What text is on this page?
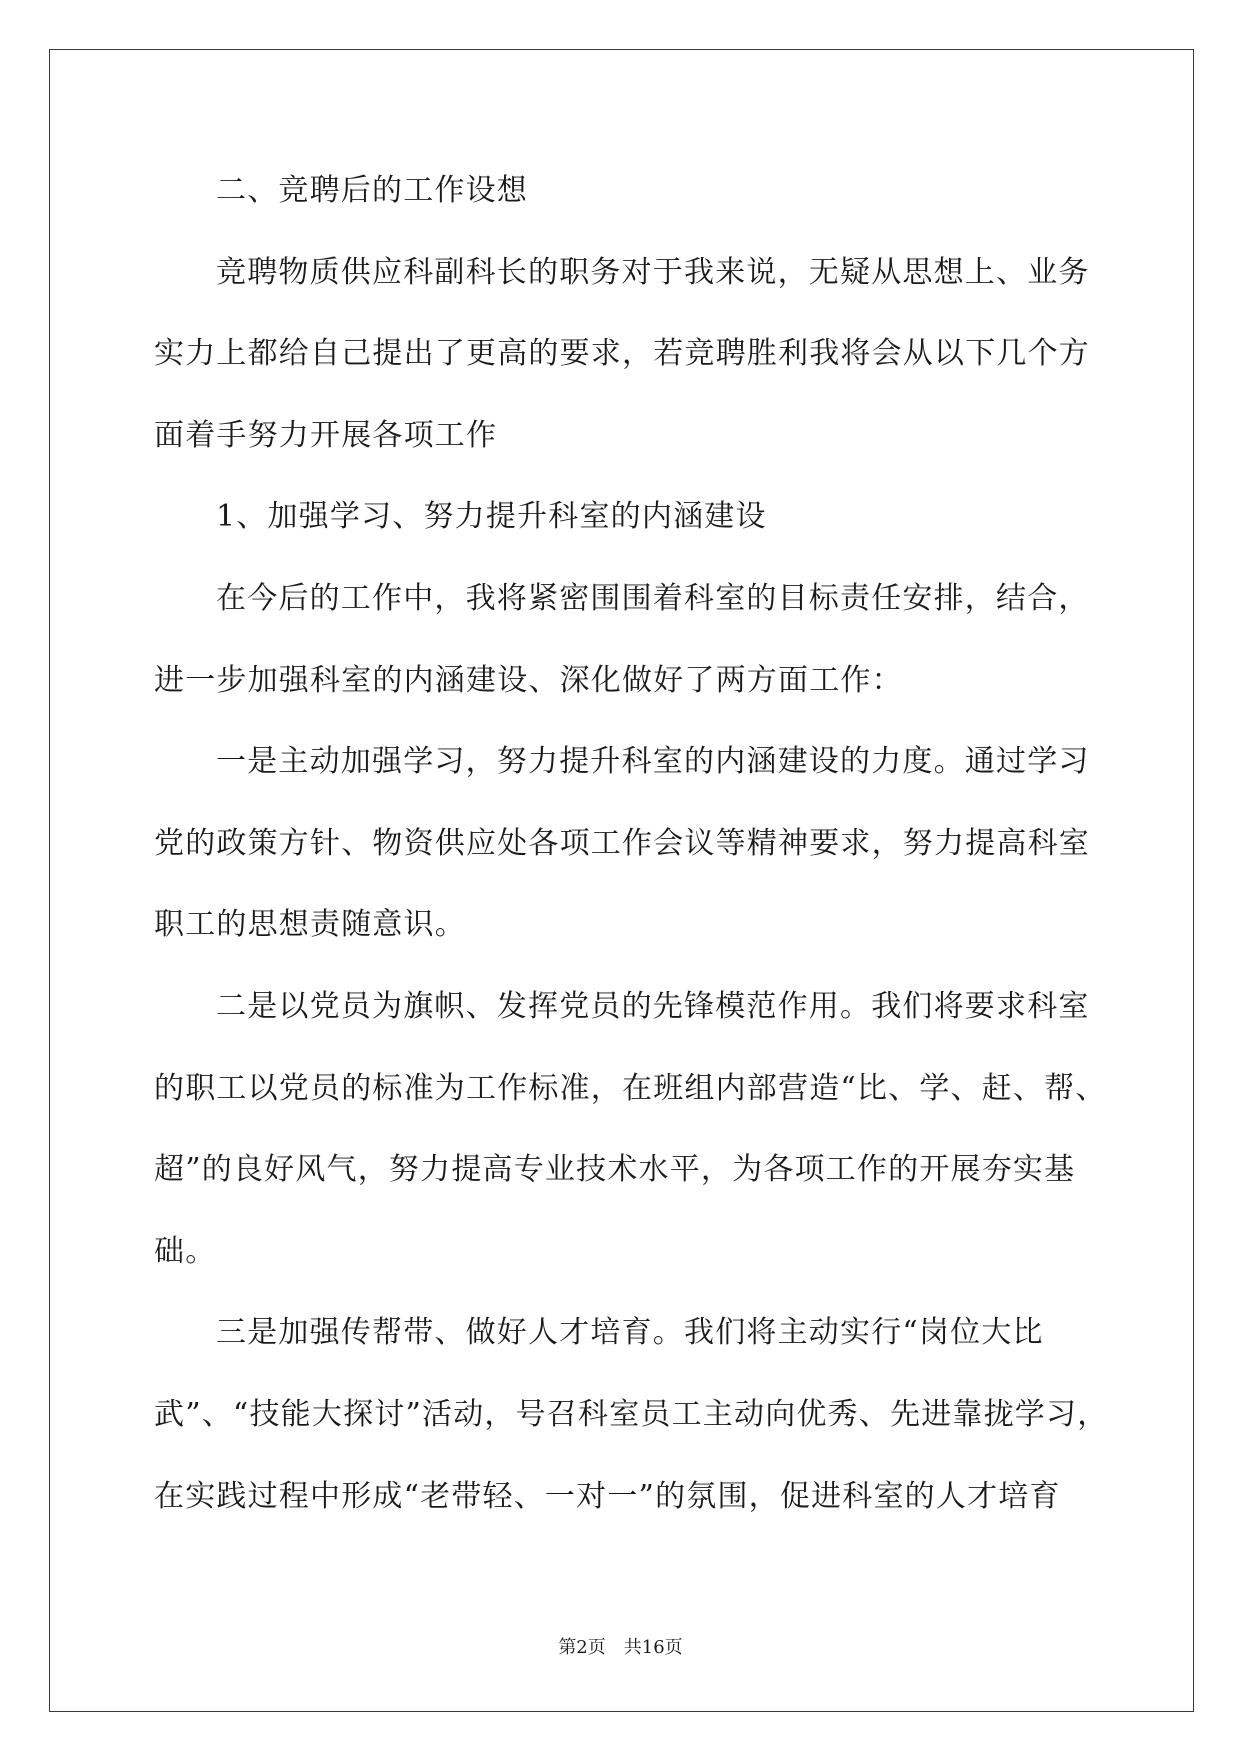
二、竞聘后的工作设想
竞聘物质供应科副科长的职务对于我来说，无疑从思想上、业务
实力上都给自己提出了更高的要求，若竞聘胜利我将会从以下几个方
面着手努力开展各项工作
1、加强学习、努力提升科室的内涵建设
在今后的工作中，我将紧密围围着科室的目标责任安排，结合，
进一步加强科室的内涵建设、深化做好了两方面工作：
一是主动加强学习，努力提升科室的内涵建设的力度。通过学习
党的政策方针、物资供应处各项工作会议等精神要求，努力提高科室
职工的思想责随意识。
二是以党员为旗帜、发挥党员的先锋模范作用。我们将要求科室
的职工以党员的标准为工作标准，在班组内部营造“比、学、赶、帮、
超”的良好风气，努力提高专业技术水平，为各项工作的开展夯实基
础。
三是加强传帮带、做好人才培育。我们将主动实行“岗位大比
武”、“技能大探讨”活动，号召科室员工主动向优秀、先进靠拢学习，
在实践过程中形成“老带轻、一对一”的氛围，促进科室的人才培育
第2页 共16页
